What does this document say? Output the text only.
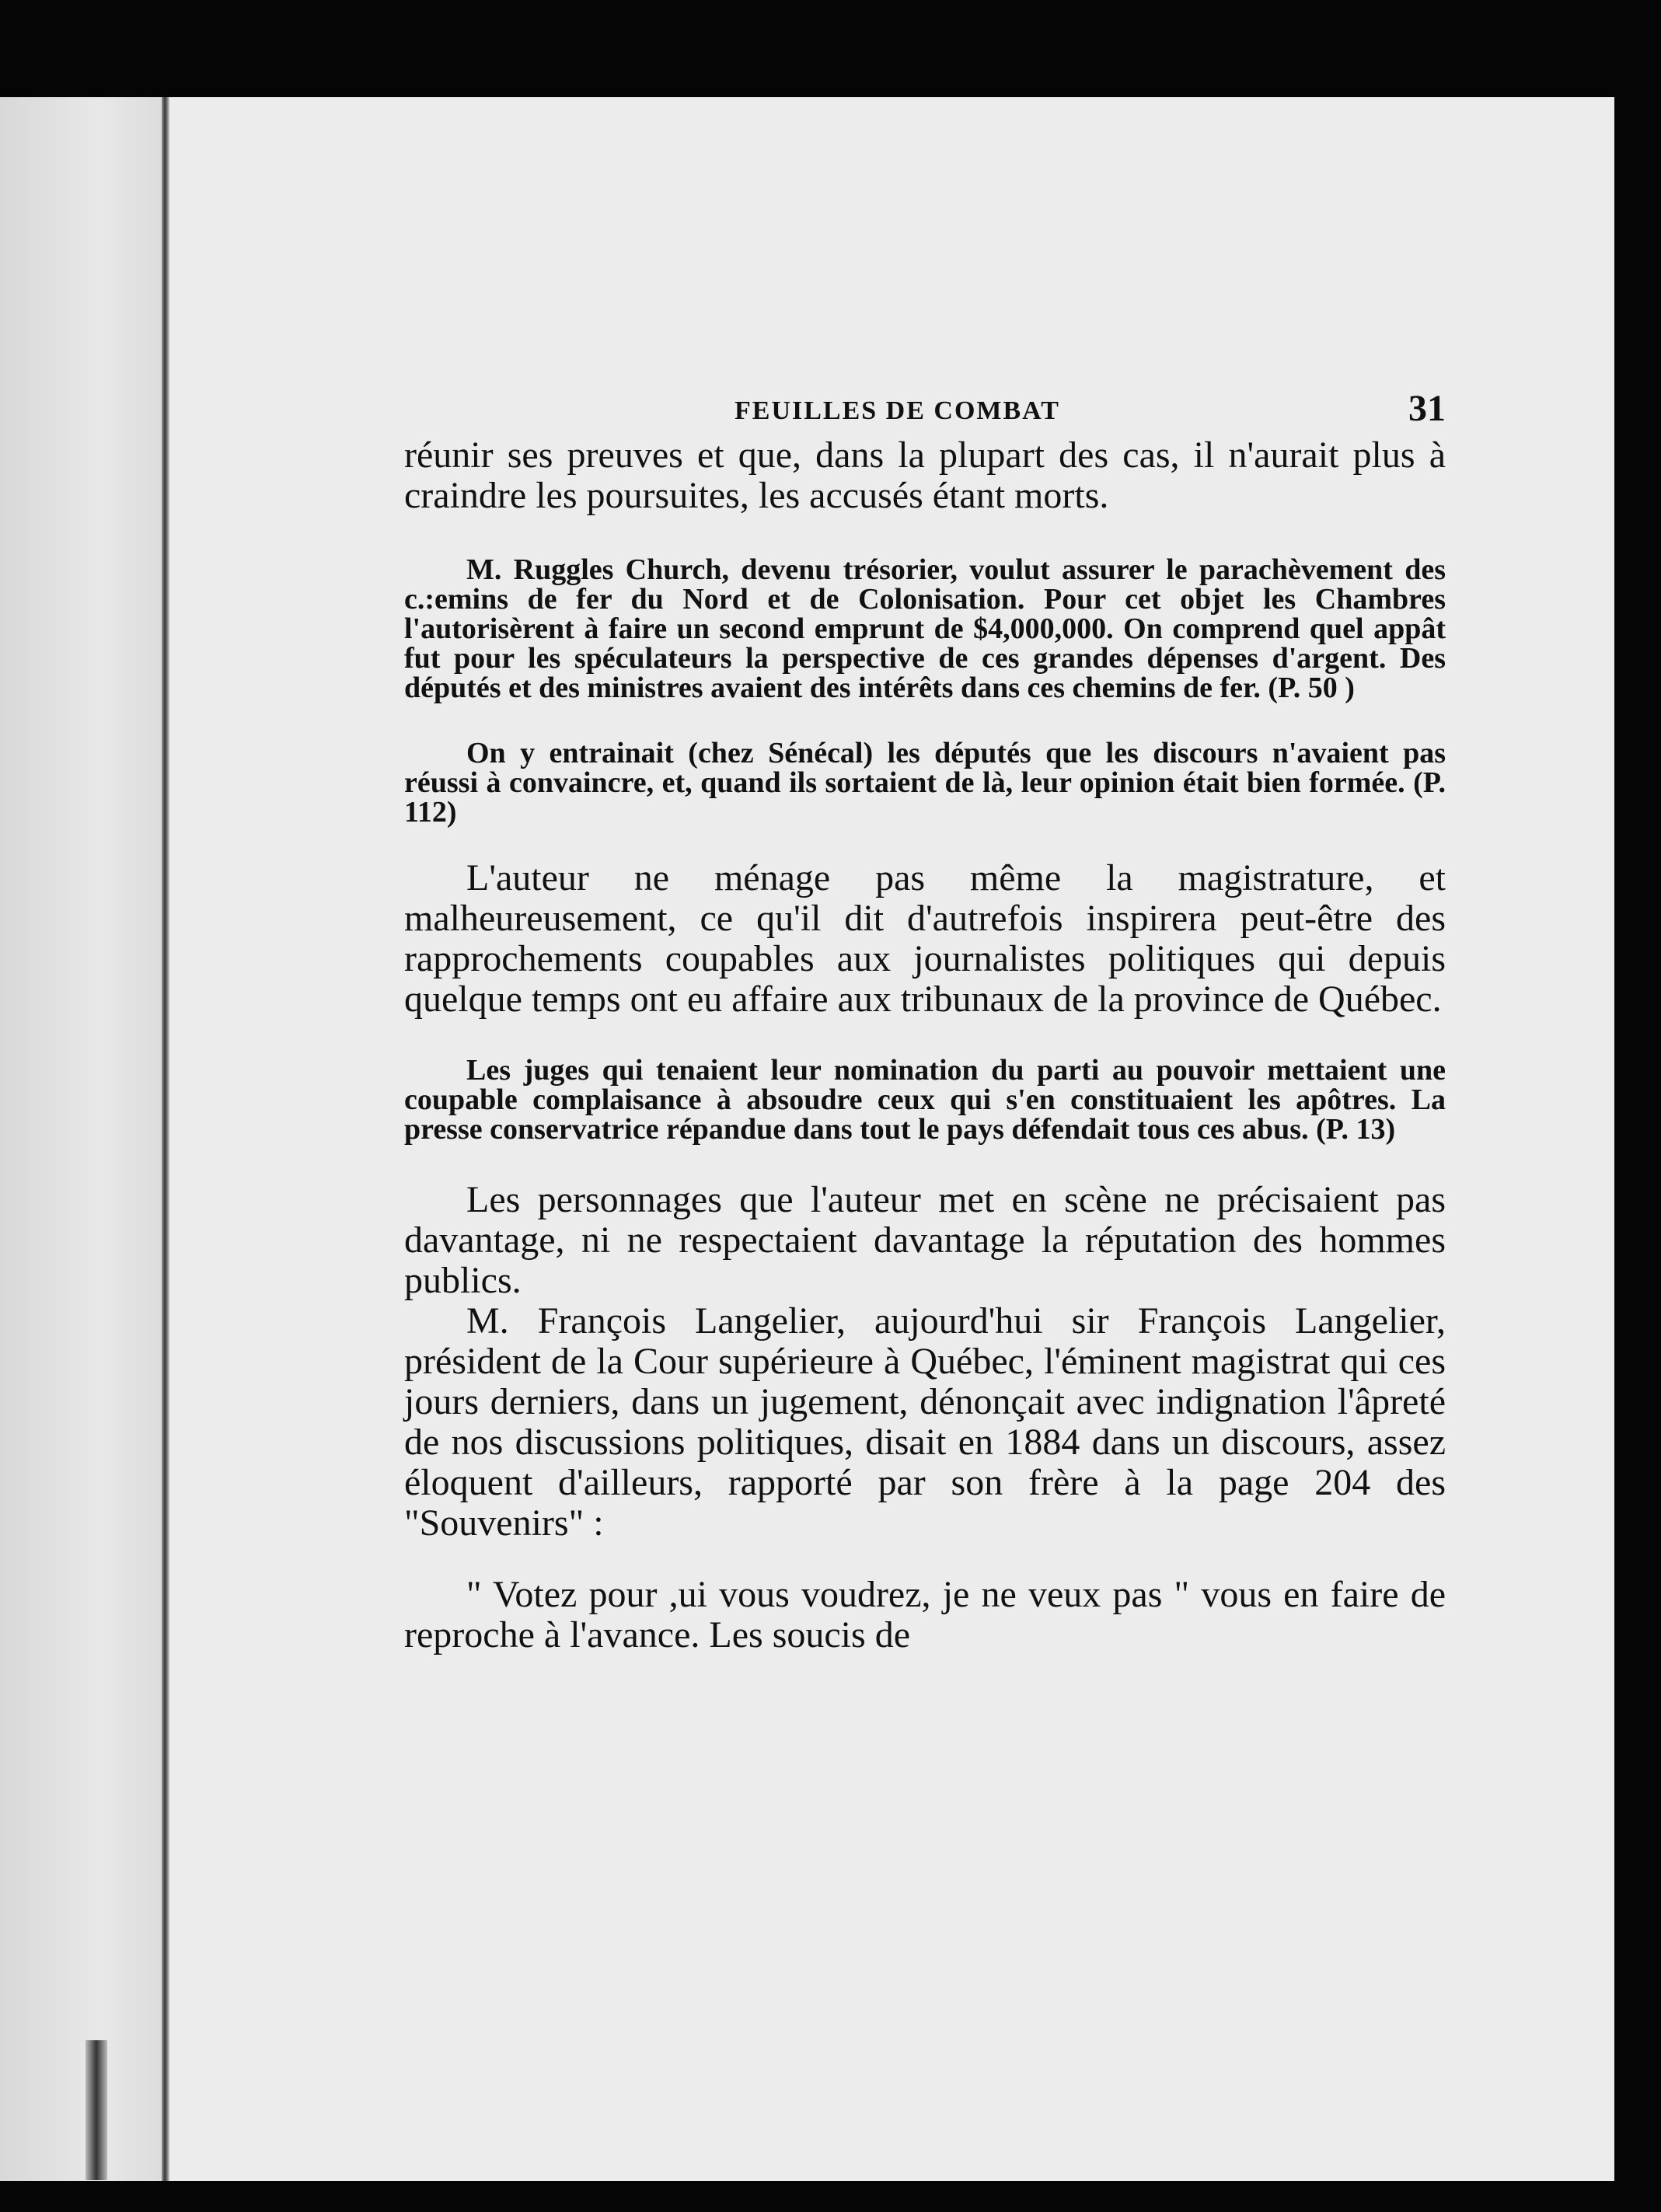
FEUILLES DE COMBAT	31

réunir ses preuves et que, dans la plupart des cas, il n'aurait plus à craindre les poursuites, les accusés étant morts.

M. Ruggles Church, devenu trésorier, voulut assurer le parachèvement des c.:emins de fer du Nord et de Colonisation. Pour cet objet les Chambres l'autorisèrent à faire un second emprunt de $4,000,000. On comprend quel appât fut pour les spéculateurs la perspective de ces grandes dépenses d'argent. Des députés et des ministres avaient des intérêts dans ces chemins de fer. (P. 50 )

On y entrainait (chez Sénécal) les députés que les discours n'avaient pas réussi à convaincre, et, quand ils sortaient de là, leur opinion était bien formée. (P. 112)

L'auteur ne ménage pas même la magistrature, et malheureusement, ce qu'il dit d'autrefois inspirera peut-être des rapprochements coupables aux journalistes politiques qui depuis quelque temps ont eu affaire aux tribunaux de la province de Québec.

Les juges qui tenaient leur nomination du parti au pouvoir mettaient une coupable complaisance à absoudre ceux qui s'en constituaient les apôtres. La presse conservatrice répandue dans tout le pays défendait tous ces abus. (P. 13)

Les personnages que l'auteur met en scène ne précisaient pas davantage, ni ne respectaient davantage la réputation des hommes publics.

M. François Langelier, aujourd'hui sir François Langelier, président de la Cour supérieure à Québec, l'éminent magistrat qui ces jours derniers, dans un jugement, dénonçait avec indignation l'âpreté de nos discussions politiques, disait en 1884 dans un discours, assez éloquent d'ailleurs, rapporté par son frère à la page 204 des "Souvenirs" :

" Votez pour ,ui vous voudrez, je ne veux pas " vous en faire de reproche à l'avance. Les soucis de
